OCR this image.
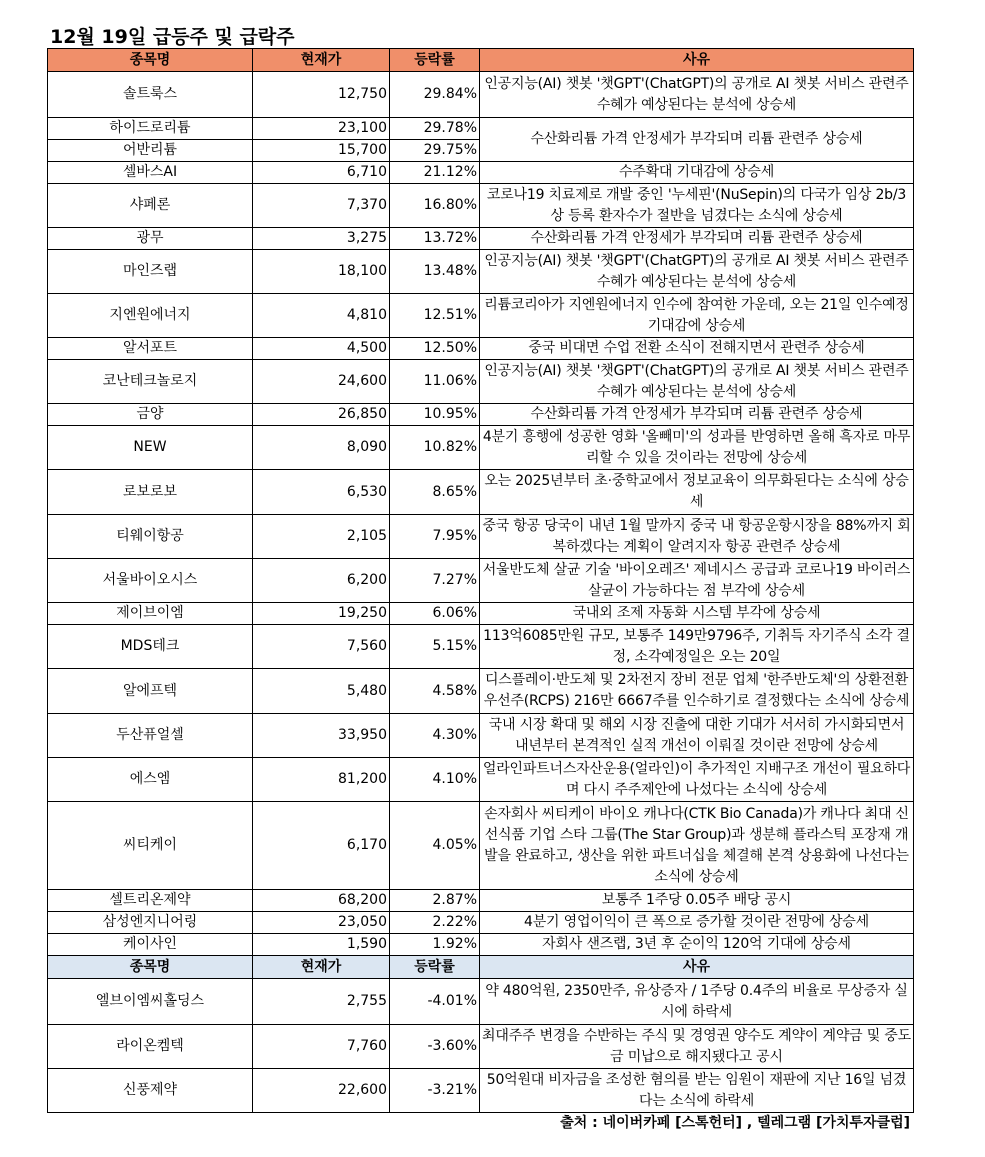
12월 19일 급등주 및 급락주
종목명	현재가	등락률	사유
솔트룩스	12,750	29.84%	인공지능(AI) 챗봇 '챗GPT'(ChatGPT)의 공개로 AI 챗봇 서비스 관련주 수혜가 예상된다는 분석에 상승세
하이드로리튬	23,100	29.78%	수산화리튬 가격 안정세가 부각되며 리튬 관련주 상승세
어반리튬	15,700	29.75%	
셀바스AI	6,710	21.12%	수주확대 기대감에 상승세
샤페론	7,370	16.80%	코로나19 치료제로 개발 중인 '누세핀'(NuSepin)의 다국가 임상 2b/3상 등록 환자수가 절반을 넘겼다는 소식에 상승세
광무	3,275	13.72%	수산화리튬 가격 안정세가 부각되며 리튬 관련주 상승세
마인즈랩	18,100	13.48%	인공지능(AI) 챗봇 '챗GPT'(ChatGPT)의 공개로 AI 챗봇 서비스 관련주 수혜가 예상된다는 분석에 상승세
지엔원에너지	4,810	12.51%	리튬코리아가 지엔원에너지 인수에 참여한 가운데, 오는 21일 인수예정 기대감에 상승세
알서포트	4,500	12.50%	중국 비대면 수업 전환 소식이 전해지면서 관련주 상승세
코난테크놀로지	24,600	11.06%	인공지능(AI) 챗봇 '챗GPT'(ChatGPT)의 공개로 AI 챗봇 서비스 관련주 수혜가 예상된다는 분석에 상승세
금양	26,850	10.95%	수산화리튬 가격 안정세가 부각되며 리튬 관련주 상승세
NEW	8,090	10.82%	4분기 흥행에 성공한 영화 '올빼미'의 성과를 반영하면 올해 흑자로 마무리할 수 있을 것이라는 전망에 상승세
로보로보	6,530	8.65%	오는 2025년부터 초·중학교에서 정보교육이 의무화된다는 소식에 상승세
티웨이항공	2,105	7.95%	중국 항공 당국이 내년 1월 말까지 중국 내 항공운항시장을 88%까지 회복하겠다는 계획이 알려지자 항공 관련주 상승세
서울바이오시스	6,200	7.27%	서울반도체 살균 기술 '바이오레즈' 제네시스 공급과 코로나19 바이러스 살균이 가능하다는 점 부각에 상승세
제이브이엠	19,250	6.06%	국내외 조제 자동화 시스템 부각에 상승세
MDS테크	7,560	5.15%	113억6085만원 규모, 보통주 149만9796주, 기취득 자기주식 소각 결정, 소각예정일은 오는 20일
알에프텍	5,480	4.58%	디스플레이·반도체 및 2차전지 장비 전문 업체 '한주반도체'의 상환전환우선주(RCPS) 216만 6667주를 인수하기로 결정했다는 소식에 상승세
두산퓨얼셀	33,950	4.30%	국내 시장 확대 및 해외 시장 진출에 대한 기대가 서서히 가시화되면서 내년부터 본격적인 실적 개선이 이뤄질 것이란 전망에 상승세
에스엠	81,200	4.10%	얼라인파트너스자산운용(얼라인)이 추가적인 지배구조 개선이 필요하다며 다시 주주제안에 나섰다는 소식에 상승세
씨티케이	6,170	4.05%	손자회사 씨티케이 바이오 캐나다(CTK Bio Canada)가 캐나다 최대 신선식품 기업 스타 그룹(The Star Group)과 생분해 플라스틱 포장재 개발을 완료하고, 생산을 위한 파트너십을 체결해 본격 상용화에 나선다는 소식에 상승세
셀트리온제약	68,200	2.87%	보통주 1주당 0.05주 배당 공시
삼성엔지니어링	23,050	2.22%	4분기 영업이익이 큰 폭으로 증가할 것이란 전망에 상승세
케이사인	1,590	1.92%	자회사 샌즈랩, 3년 후 순이익 120억 기대에 상승세
종목명	현재가	등락률	사유
엘브이엠씨홀딩스	2,755	-4.01%	약 480억원, 2350만주, 유상증자 / 1주당 0.4주의 비율로 무상증자 실시에 하락세
라이온켐텍	7,760	-3.60%	최대주주 변경을 수반하는 주식 및 경영권 양수도 계약이 계약금 및 중도금 미납으로 해지됐다고 공시
신풍제약	22,600	-3.21%	50억원대 비자금을 조성한 혐의를 받는 임원이 재판에 지난 16일 넘겼다는 소식에 하락세
출처 : 네이버카페 [스톡헌터] , 텔레그램 [가치투자클럽]
